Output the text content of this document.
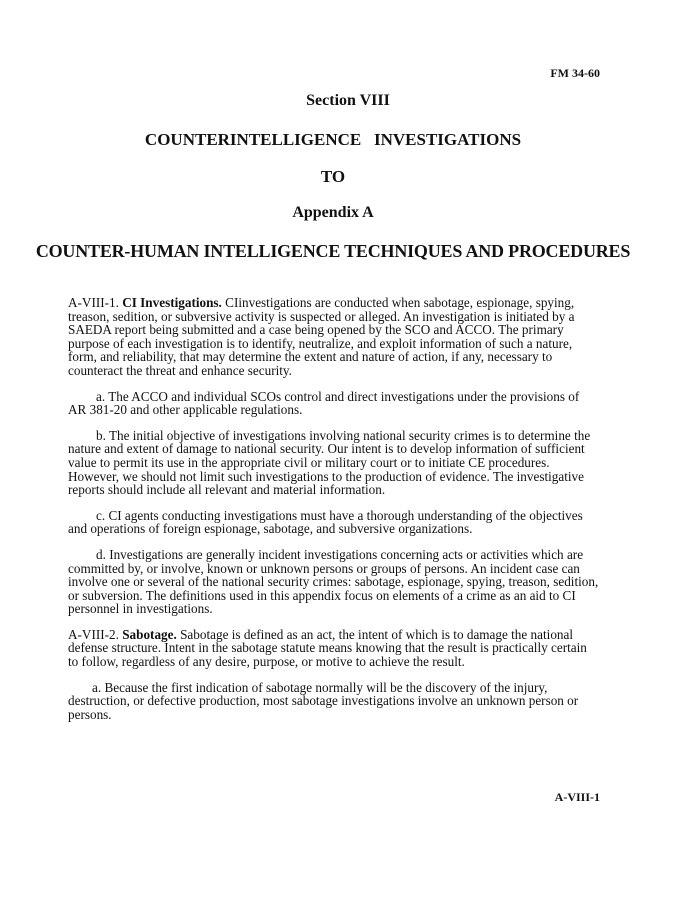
FM 34-60
Section VIII
COUNTERINTELLIGENCE   INVESTIGATIONS
TO
Appendix A
COUNTER-HUMAN INTELLIGENCE TECHNIQUES AND PROCEDURES

A-VIII-1. CI Investigations. CIinvestigations are conducted when sabotage, espionage, spying, treason, sedition, or subversive activity is suspected or alleged. An investigation is initiated by a SAEDA report being submitted and a case being opened by the SCO and ACCO. The primary purpose of each investigation is to identify, neutralize, and exploit information of such a nature, form, and reliability, that may determine the extent and nature of action, if any, necessary to counteract the threat and enhance security.

a. The ACCO and individual SCOs control and direct investigations under the provisions of AR 381-20 and other applicable regulations.

b. The initial objective of investigations involving national security crimes is to determine the nature and extent of damage to national security. Our intent is to develop information of sufficient value to permit its use in the appropriate civil or military court or to initiate CE procedures. However, we should not limit such investigations to the production of evidence. The investigative reports should include all relevant and material information.

c. CI agents conducting investigations must have a thorough understanding of the objectives and operations of foreign espionage, sabotage, and subversive organizations.

d. Investigations are generally incident investigations concerning acts or activities which are committed by, or involve, known or unknown persons or groups of persons. An incident case can involve one or several of the national security crimes: sabotage, espionage, spying, treason, sedition, or subversion. The definitions used in this appendix focus on elements of a crime as an aid to CI personnel in investigations.

A-VIII-2. Sabotage. Sabotage is defined as an act, the intent of which is to damage the national defense structure. Intent in the sabotage statute means knowing that the result is practically certain to follow, regardless of any desire, purpose, or motive to achieve the result.

a. Because the first indication of sabotage normally will be the discovery of the injury, destruction, or defective production, most sabotage investigations involve an unknown person or persons.

A-VIII-1
